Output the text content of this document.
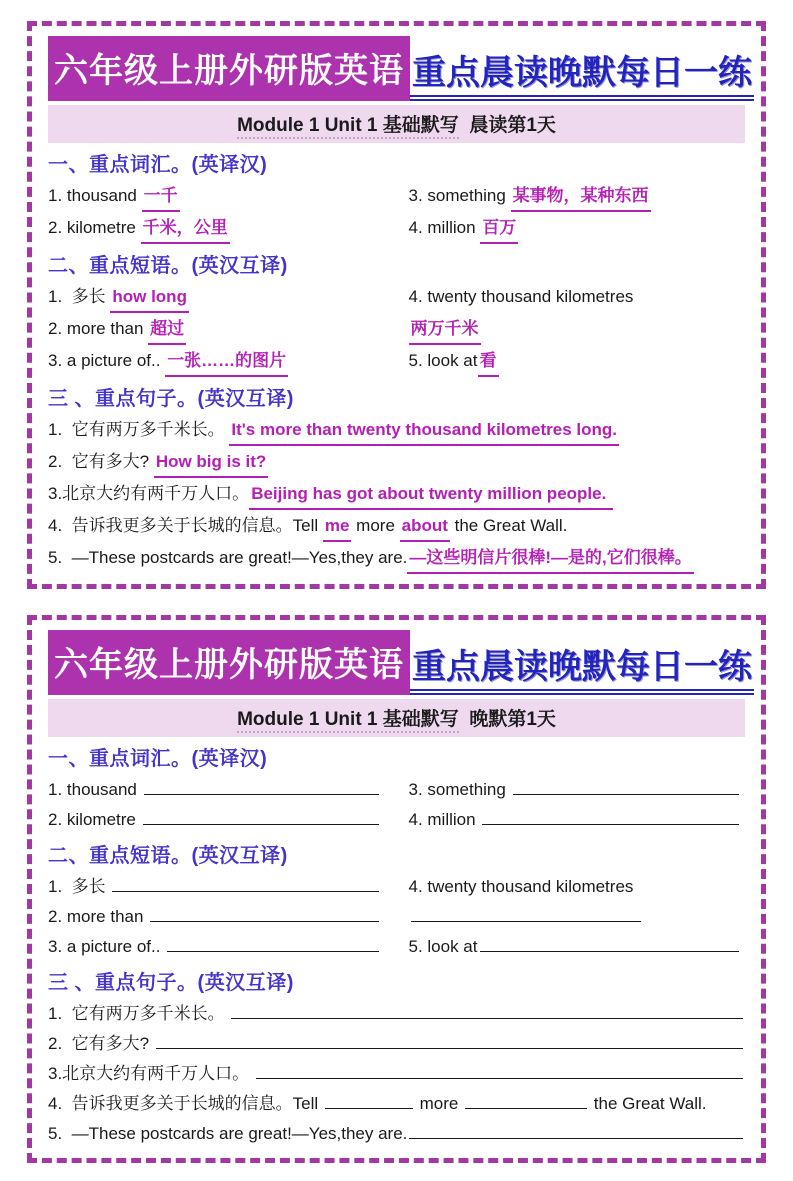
六年级上册外研版英语 重点晨读晚默每日一练
Module 1 Unit 1 基础默写  晨读第1天
一、重点词汇。(英译汉)
1. thousand 一千	3. something 某事物，某种东西
2. kilometre 千米，公里	4. million 百万
二、重点短语。(英汉互译)
1.  多长 how long	4. twenty thousand kilometres
2. more than 超过	两万千米
3. a picture of.. 一张……的图片	5. look at 看
三 、重点句子。(英汉互译)
1.  它有两万多千米长。 It's more than twenty thousand kilometres long.
2.  它有多大? How big is it?
3.北京大约有两千万人口。 Beijing has got about twenty million people.
4.  告诉我更多关于长城的信息。Tell me more about the Great Wall.
5.  —These postcards are great!—Yes,they are. —这些明信片很棒!—是的,它们很棒。
六年级上册外研版英语 重点晨读晚默每日一练
Module 1 Unit 1 基础默写  晚默第1天
一、重点词汇。(英译汉)
1. thousand	3. something
2. kilometre	4. million
二、重点短语。(英汉互译)
1.  多长	4. twenty thousand kilometres
2. more than
3. a picture of..	5. look at
三 、重点句子。(英汉互译)
1.  它有两万多千米长。
2.  它有多大?
3.北京大约有两千万人口。
4.  告诉我更多关于长城的信息。Tell	more	the Great Wall.
5.  —These postcards are great!—Yes,they are.
